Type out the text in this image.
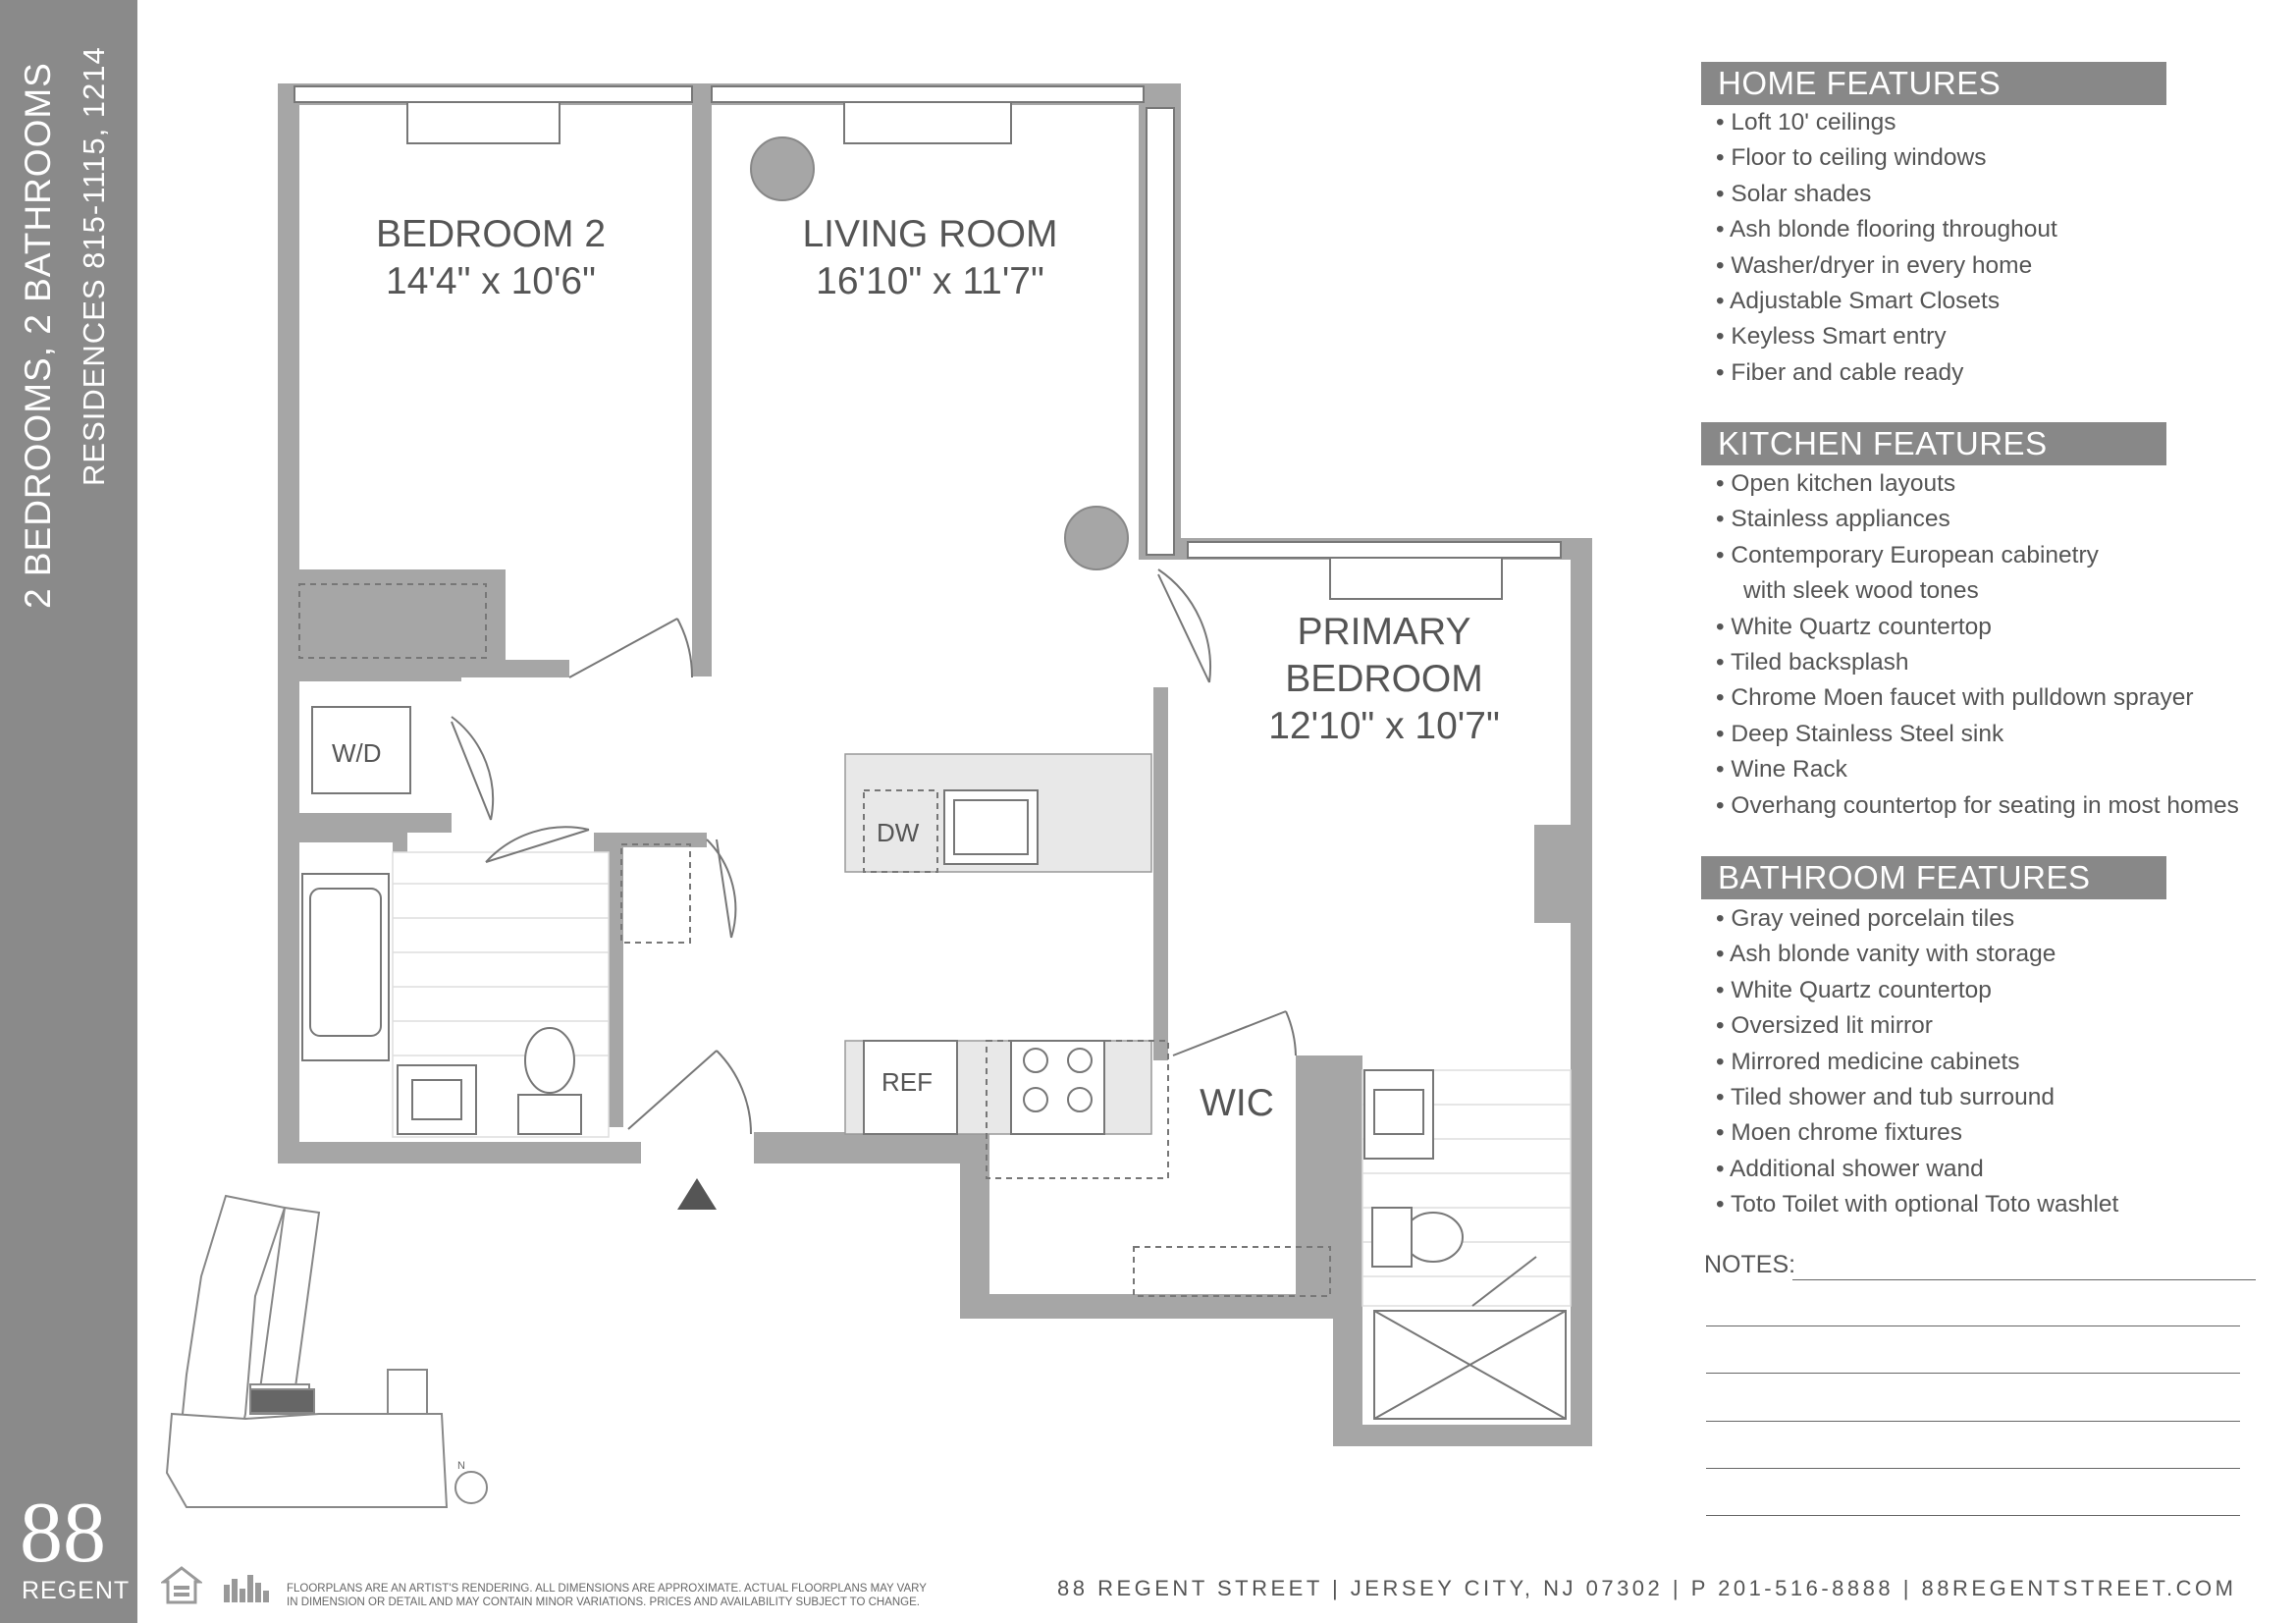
2 BEDROOMS, 2 BATHROOMS RESIDENCES 815-1115, 1214
88
REGENT
N
BEDROOM 2
14'4" x 10'6"
LIVING ROOM
16'10" x 11'7"
PRIMARY
BEDROOM
12'10" x 10'7"
WIC
W/D
DW
REF
HOME FEATURES
• Loft 10' ceilings
• Floor to ceiling windows
• Solar shades
• Ash blonde flooring throughout
• Washer/dryer in every home
• Adjustable Smart Closets
• Keyless Smart entry
• Fiber and cable ready
KITCHEN FEATURES
• Open kitchen layouts
• Stainless appliances
• Contemporary European cabinetry
with sleek wood tones
• White Quartz countertop
• Tiled backsplash
• Chrome Moen faucet with pulldown sprayer
• Deep Stainless Steel sink
• Wine Rack
• Overhang countertop for seating in most homes
BATHROOM FEATURES
• Gray veined porcelain tiles
• Ash blonde vanity with storage
• White Quartz countertop
• Oversized lit mirror
• Mirrored medicine cabinets
• Tiled shower and tub surround
• Moen chrome fixtures
• Additional shower wand
• Toto Toilet with optional Toto washlet
NOTES:
FLOORPLANS ARE AN ARTIST'S RENDERING. ALL DIMENSIONS ARE APPROXIMATE. ACTUAL FLOORPLANS MAY VARY
IN DIMENSION OR DETAIL AND MAY CONTAIN MINOR VARIATIONS. PRICES AND AVAILABILITY SUBJECT TO CHANGE.
88 REGENT STREET | JERSEY CITY, NJ 07302 | P 201-516-8888 | 88REGENTSTREET.COM
